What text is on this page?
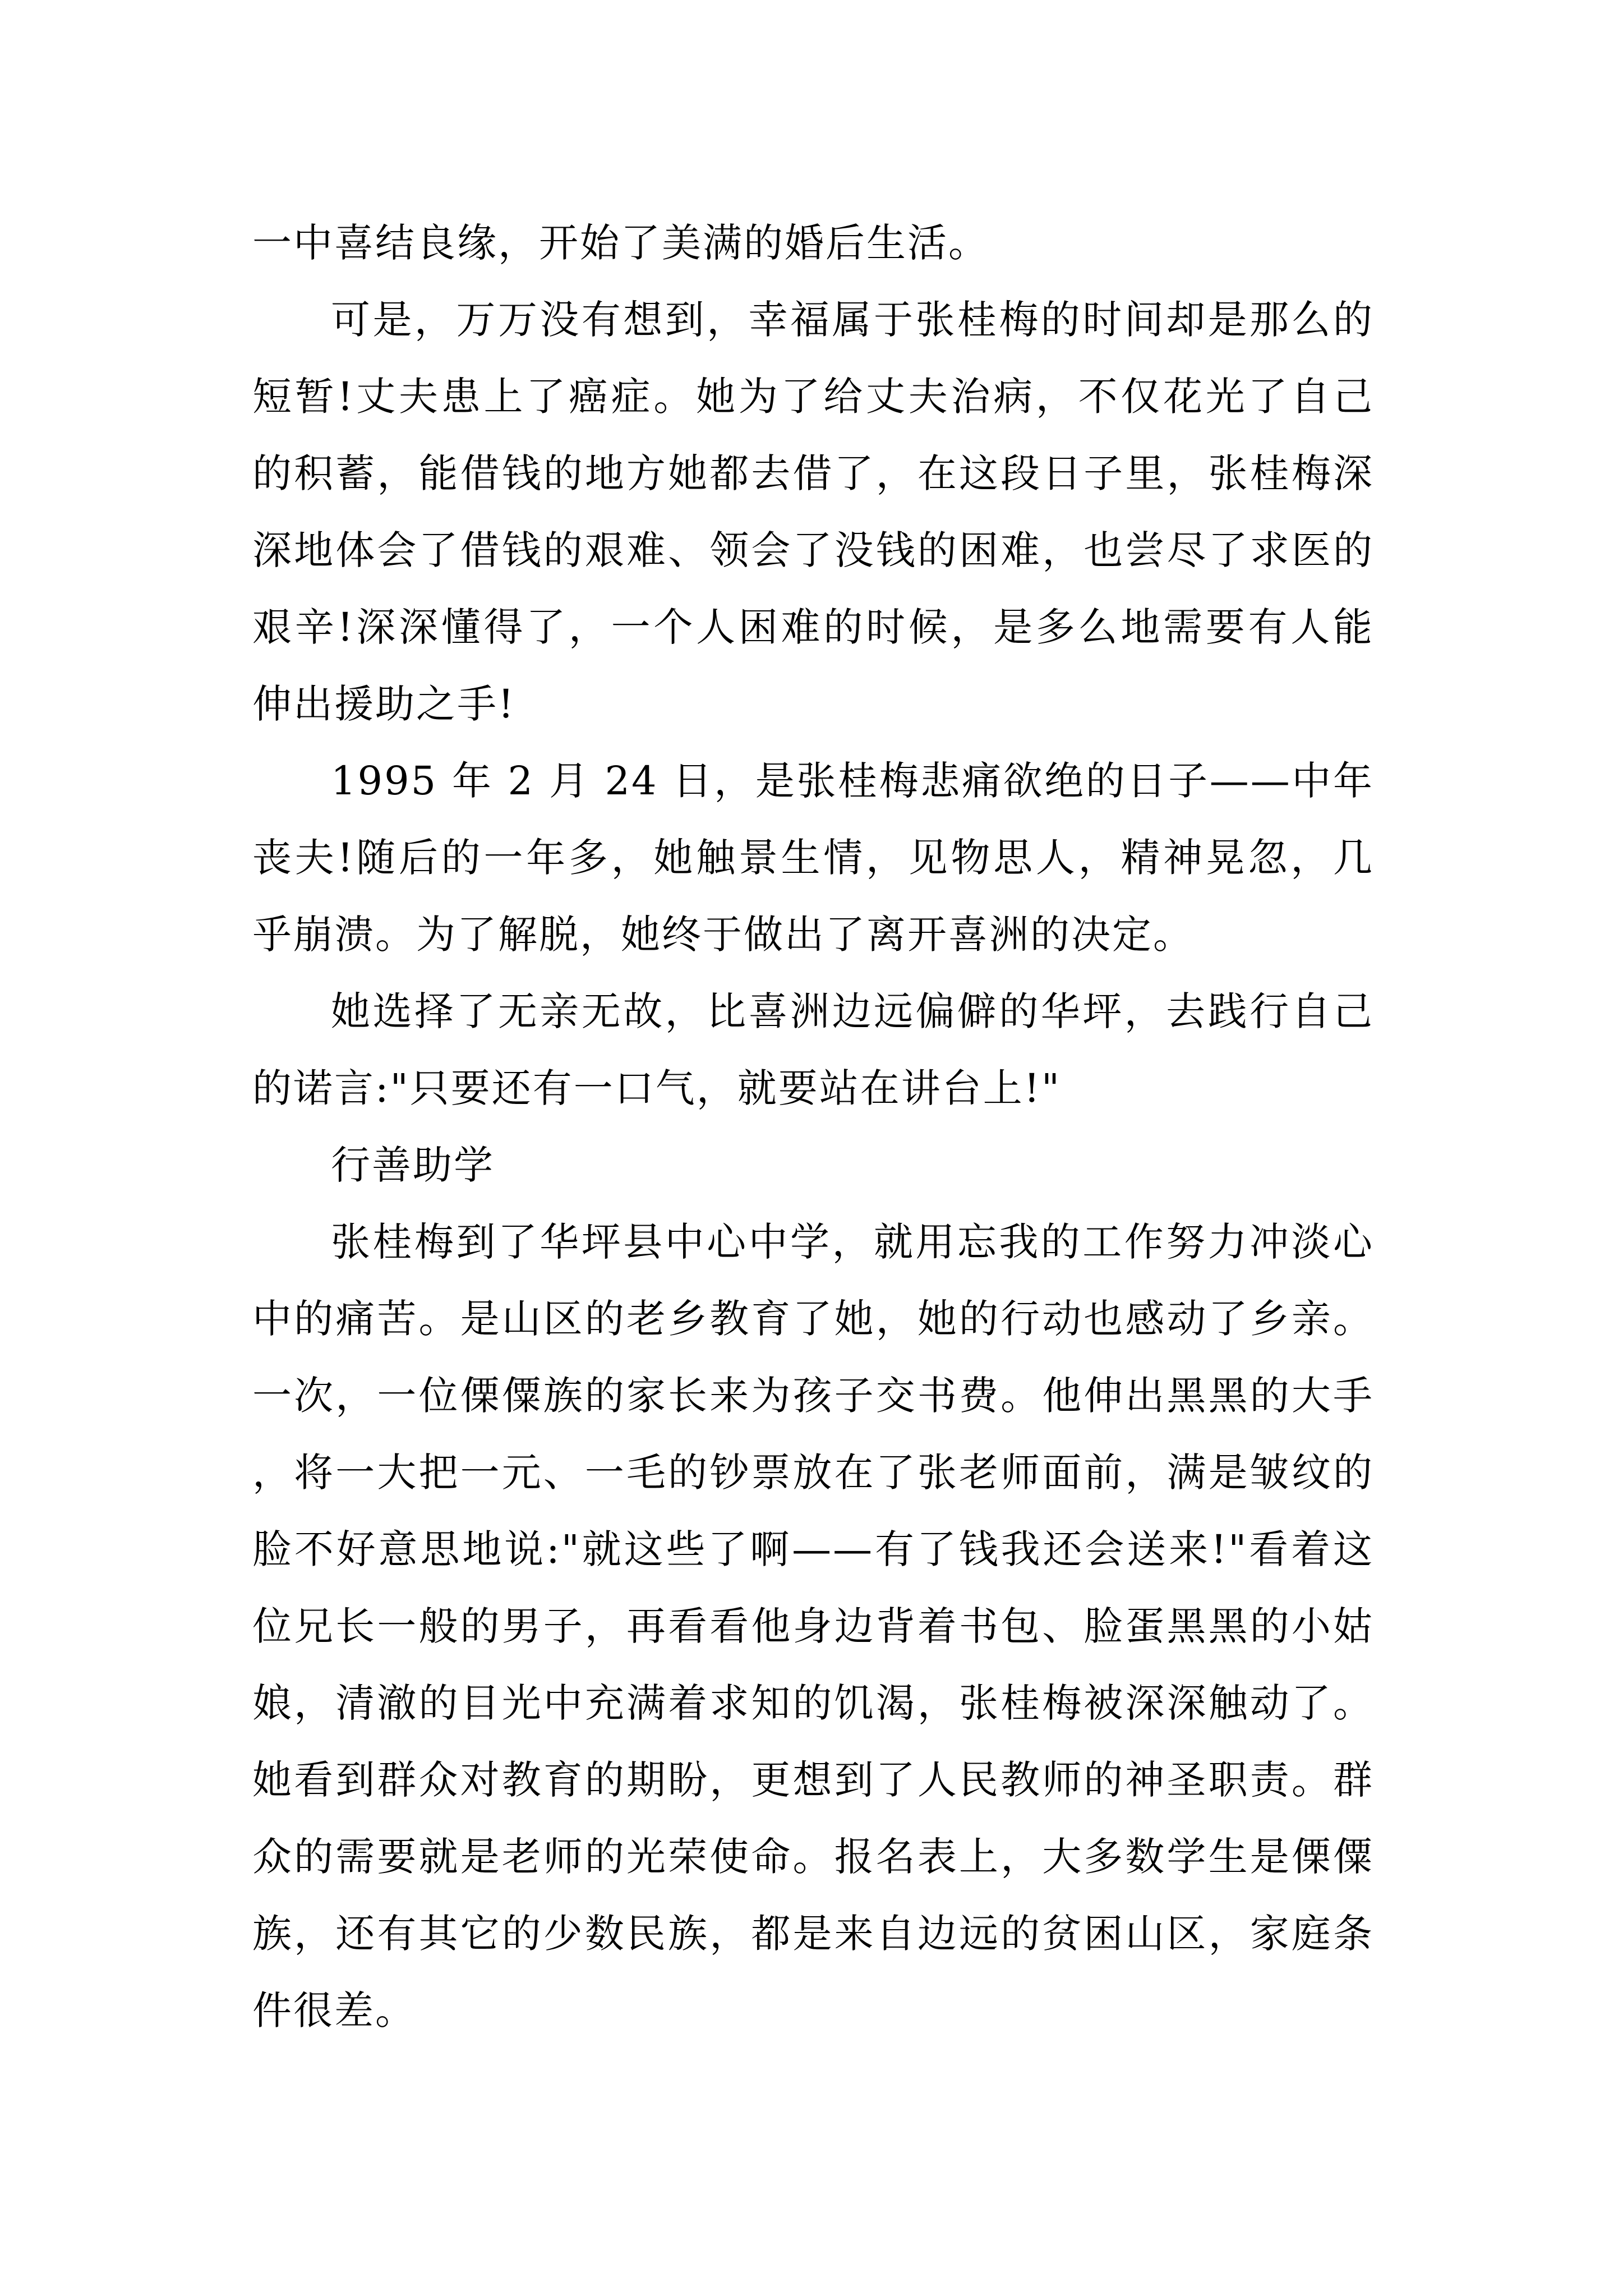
一中喜结良缘，开始了美满的婚后生活。

可是，万万没有想到，幸福属于张桂梅的时间却是那么的短暂!丈夫患上了癌症。她为了给丈夫治病，不仅花光了自己的积蓄，能借钱的地方她都去借了，在这段日子里，张桂梅深深地体会了借钱的艰难、领会了没钱的困难，也尝尽了求医的艰辛!深深懂得了，一个人困难的时候，是多么地需要有人能伸出援助之手!

1995 年 2 月 24 日，是张桂梅悲痛欲绝的日子——中年丧夫!随后的一年多，她触景生情，见物思人，精神晃忽，几乎崩溃。为了解脱，她终于做出了离开喜洲的决定。

她选择了无亲无故，比喜洲边远偏僻的华坪，去践行自己的诺言:"只要还有一口气，就要站在讲台上!"

行善助学

张桂梅到了华坪县中心中学，就用忘我的工作努力冲淡心中的痛苦。是山区的老乡教育了她，她的行动也感动了乡亲。一次，一位傈僳族的家长来为孩子交书费。他伸出黑黑的大手，将一大把一元、一毛的钞票放在了张老师面前，满是皱纹的脸不好意思地说:"就这些了啊——有了钱我还会送来!"看着这位兄长一般的男子，再看看他身边背着书包、脸蛋黑黑的小姑娘，清澈的目光中充满着求知的饥渴，张桂梅被深深触动了。她看到群众对教育的期盼，更想到了人民教师的神圣职责。群众的需要就是老师的光荣使命。报名表上，大多数学生是傈僳族，还有其它的少数民族，都是来自边远的贫困山区，家庭条件很差。
